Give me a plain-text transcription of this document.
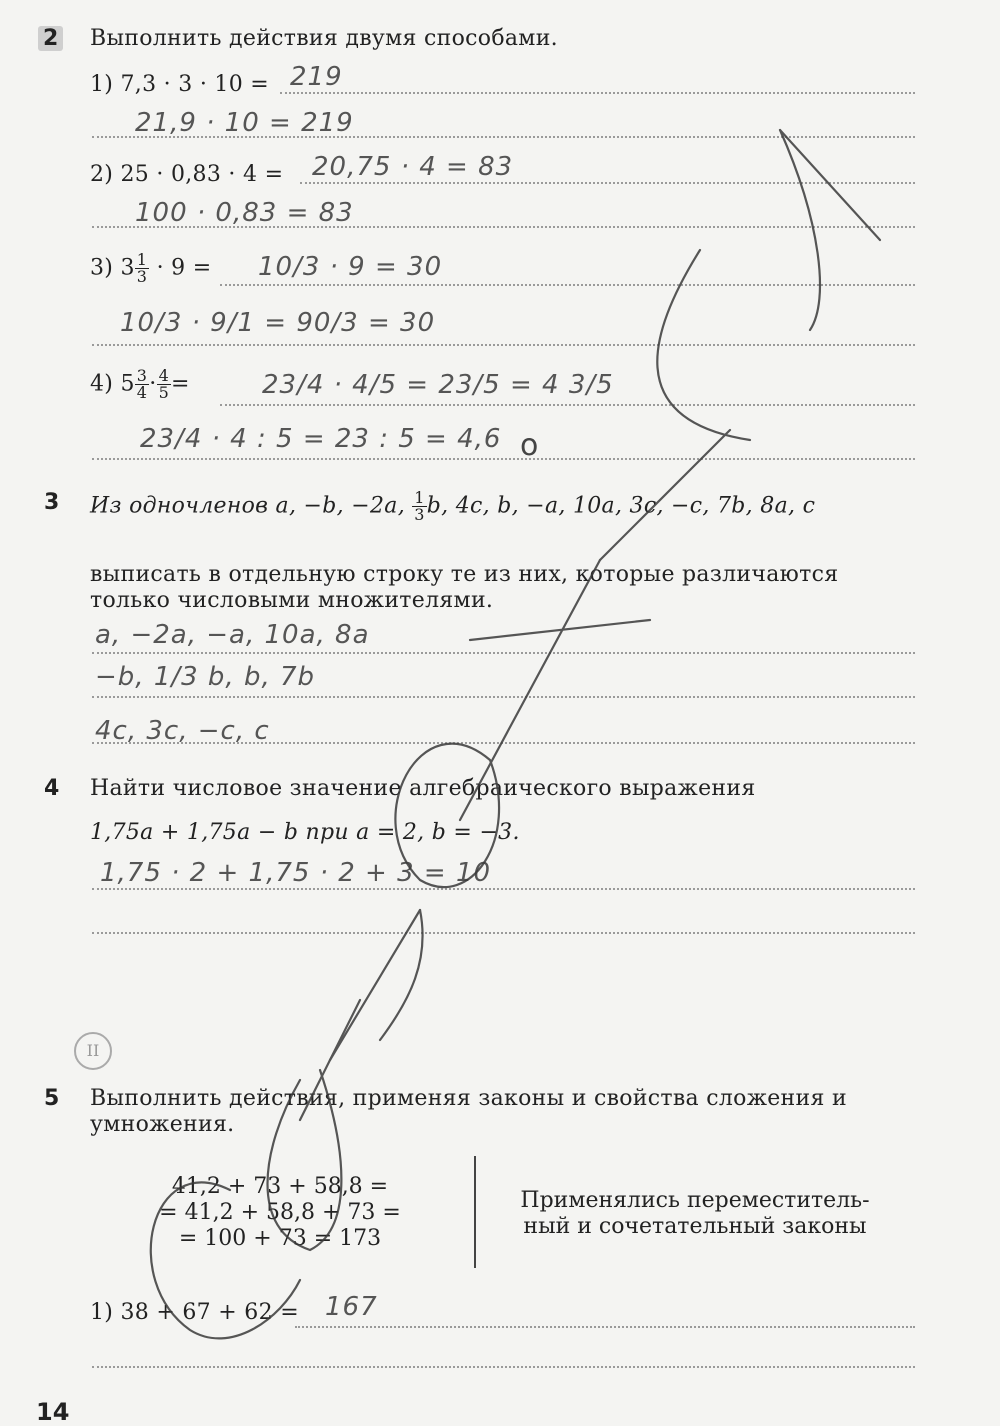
2 Выполнить действия двумя способами.
1) 7,3 · 3 · 10 = 219
21,9 · 10 = 219
2) 25 · 0,83 · 4 = 20,75 · 4 = 83
100 · 0,83 = 83
3) $3 \frac{1}{3} \cdot 9 = 10/3 \cdot 9 = 30$
10/3 · 9/1 = 90/3 = 30
4) $5 \frac{3}{4} \cdot \frac{4}{5}$ =	23/4 · 4/5 = 23/5 = 4 3/5
23/4 · 4 : 5 = 23 : 5 = 4,6
3 Из одночленов a, −b, −2a, $\frac{1}{3} b$, 4c, b, −a, 10a, 3c, −c, 7b, 8a, c
выписать в отдельную строку те из них, которые различаются
только числовыми множителями.
a, −2a, −a, 10a, 8a
−b, 1/3 b, b, 7b
4c, 3c, −c, c
4 Найти числовое значение алгебраического выражения
1,75a + 1,75a − b при a = 2, b = −3.
1,75 · 2 + 1,75 · 2 + 3 = 10
II
5 Выполнить действия, применяя законы и свойства сложения и
умножения.
41,2 + 73 + 58,8 =
= 41,2 + 58,8 + 73 =
= 100 + 73 = 173
Применялись переместитель-
ный и сочетательный законы
1) 38 + 67 + 62 = 167
14
o
